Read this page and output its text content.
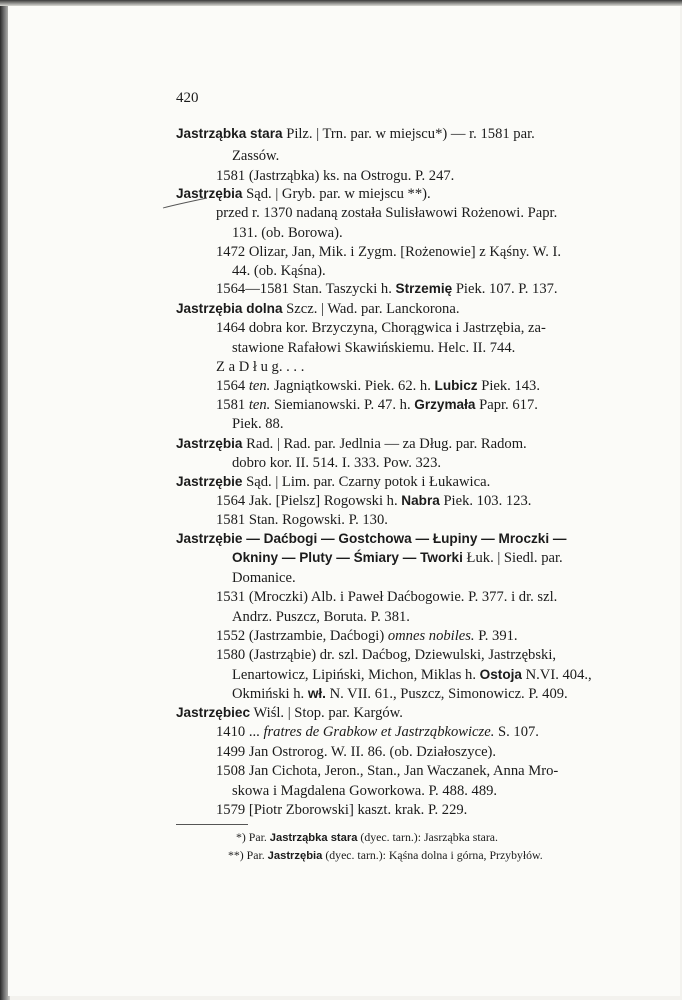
420
Jastrząbka stara Pilz. | Trn. par. w miejscu*) — r. 1581 par.
Zassów.
1581 (Jastrząbka) ks. na Ostrogu. P. 247.
Jastrzębia Sąd. | Gryb. par. w miejscu **).
przed r. 1370 nadaną została Sulisławowi Rożenowi. Papr.
131. (ob. Borowa).
1472 Olizar, Jan, Mik. i Zygm. [Rożenowie] z Kąśny. W. I.
44. (ob. Kąśna).
1564—1581 Stan. Taszycki h. Strzemię Piek. 107. P. 137.
Jastrzębia dolna Szcz. | Wad. par. Lanckorona.
1464 dobra kor. Brzyczyna, Chorągwica i Jastrzębia, za-
stawione Rafałowi Skawińskiemu. Helc. II. 744.
Z a D ł u g. . . .
1564 ten. Jagniątkowski. Piek. 62. h. Lubicz Piek. 143.
1581 ten. Siemianowski. P. 47. h. Grzymała Papr. 617.
Piek. 88.
Jastrzębia Rad. | Rad. par. Jedlnia — za Dług. par. Radom.
dobro kor. II. 514. I. 333. Pow. 323.
Jastrzębie Sąd. | Lim. par. Czarny potok i Łukawica.
1564 Jak. [Pielsz] Rogowski h. Nabra Piek. 103. 123.
1581 Stan. Rogowski. P. 130.
Jastrzębie — Daćbogi — Gostchowa — Łupiny — Mroczki —
Okniny — Pluty — Śmiary — Tworki Łuk. | Siedl. par.
Domanice.
1531 (Mroczki) Alb. i Paweł Daćbogowie. P. 377. i dr. szl.
Andrz. Puszcz, Boruta. P. 381.
1552 (Jastrzambie, Daćbogi) omnes nobiles. P. 391.
1580 (Jastrząbie) dr. szl. Daćbog, Dziewulski, Jastrzębski,
Lenartowicz, Lipiński, Michon, Miklas h. Ostoja N.VI. 404.,
Okmiński h. wł. N. VII. 61., Puszcz, Simonowicz. P. 409.
Jastrzębiec Wiśl. | Stop. par. Kargów.
1410 ... fratres de Grabkow et Jastrząbkowicze. S. 107.
1499 Jan Ostrorog. W. II. 86. (ob. Działoszyce).
1508 Jan Cichota, Jeron., Stan., Jan Waczanek, Anna Mro-
skowa i Magdalena Goworkowa. P. 488. 489.
1579 [Piotr Zborowski] kaszt. krak. P. 229.
*) Par. Jastrząbka stara (dyec. tarn.): Jasrząbka stara.
**) Par. Jastrzębia (dyec. tarn.): Kąśna dolna i górna, Przybyłów.
